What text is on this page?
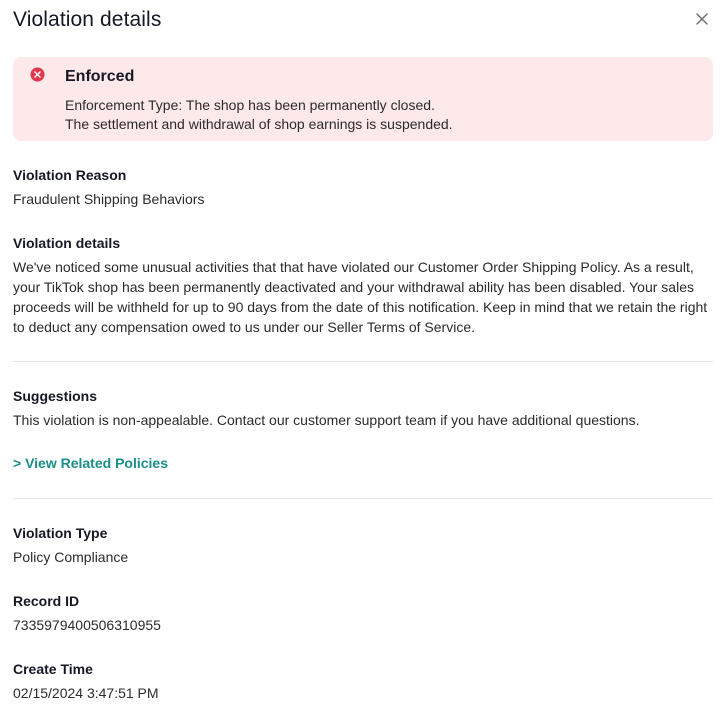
Violation details
Enforced
Enforcement Type: The shop has been permanently closed.
The settlement and withdrawal of shop earnings is suspended.
Violation Reason
Fraudulent Shipping Behaviors
Violation details
We've noticed some unusual activities that that have violated our Customer Order Shipping Policy. As a result, your TikTok shop has been permanently deactivated and your withdrawal ability has been disabled. Your sales proceeds will be withheld for up to 90 days from the date of this notification. Keep in mind that we retain the right to deduct any compensation owed to us under our Seller Terms of Service.
Suggestions
This violation is non-appealable. Contact our customer support team if you have additional questions.
> View Related Policies
Violation Type
Policy Compliance
Record ID
7335979400506310955
Create Time
02/15/2024 3:47:51 PM
